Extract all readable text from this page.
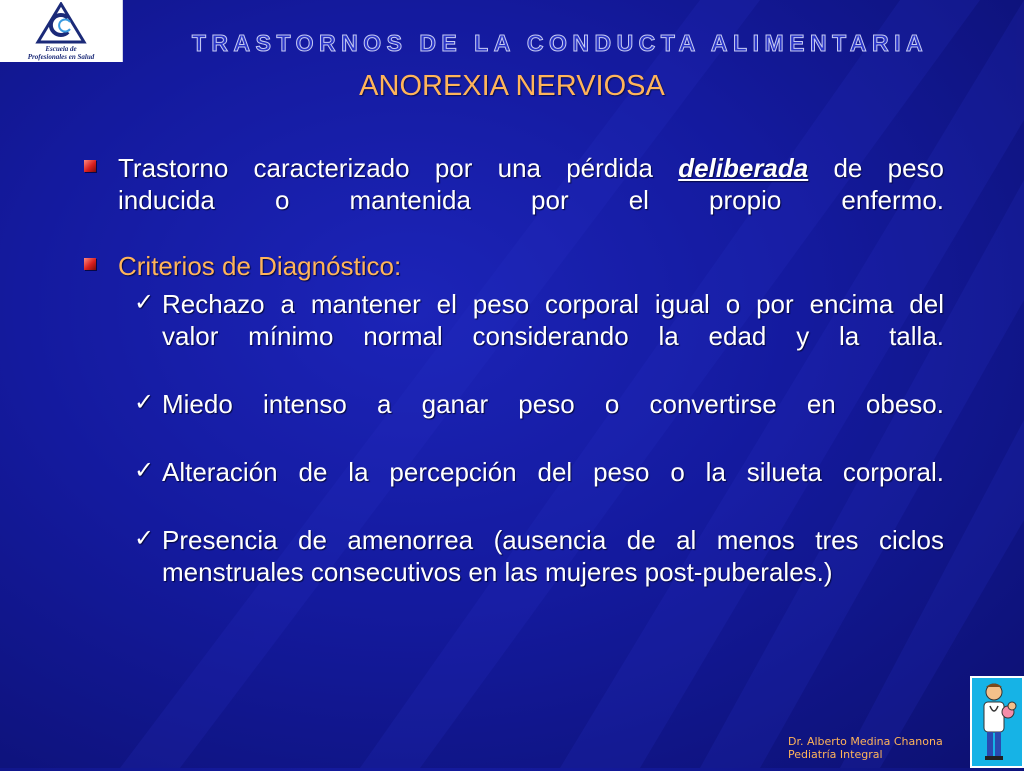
Escuela de
Profesionales en Salud
TRASTORNOS DE LA CONDUCTA ALIMENTARIA
ANOREXIA NERVIOSA
Trastorno caracterizado por una pérdida deliberada de peso
inducida o mantenida por el propio enfermo.
Criterios de Diagnóstico:
✓ Rechazo a mantener el peso corporal igual o por encima del
valor mínimo normal considerando la edad y la talla.
✓ Miedo intenso a ganar peso o convertirse en obeso.
✓ Alteración de la percepción del peso o la silueta corporal.
✓ Presencia de amenorrea (ausencia de al menos tres ciclos
menstruales consecutivos en las mujeres post-puberales.)
Dr. Alberto Medina Chanona
Pediatría Integral
